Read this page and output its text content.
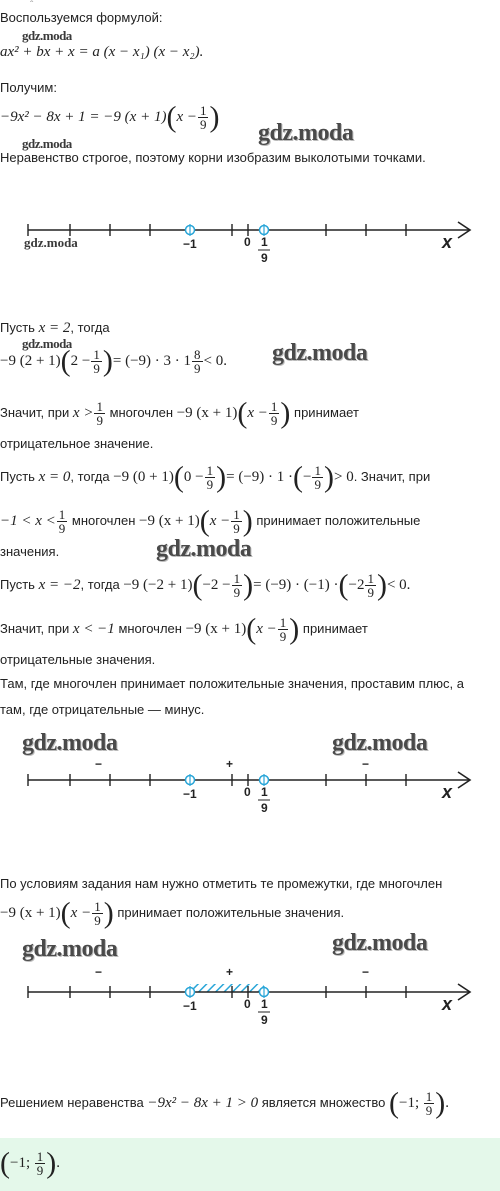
ˆ
Воспользуемся формулой:
gdz.moda
ax² + bx + x = a (x − x₁) (x − x₂).
Получим:
−9x² − 8x + 1 = −9 $(x + 1)(x - \frac{1}{9}$ ) gdz.moda
gdz.moda
Неравенство строгое, поэтому корни изобразим выколотыми точками.
−1	0 1
9
x
gdz.moda
Пусть x = 2, тогда
gdz.moda
−9 $(2 + 1)(2 - \frac{1}{9}$ )= $(-9) \cdot 3 \cdot 1 \frac{8}{9} < 0$. gdz.moda
Значит, при $x > \frac{1}{9}$ многочлен −9 $(x + 1)(x - \frac{1}{9}$ ) принимает
отрицательное значение.
Пусть x = 0, тогда −9 $(0 + 1)(0 - \frac{1}{9}$ )= (−9) · 1 ·(− $\frac{1}{9}$ )> 0. Значит, при
$-1 < x < \frac{1}{9}$ многочлен −9 $(x + 1)(x - \frac{1}{9}$ ) принимает положительные
значения.	gdz.moda
Пусть x = −2, тогда −9 $(-2 + 1)(-2 - \frac{1}{9}$ )= $(-9) \cdot (-1) \cdot(-2 \frac{1}{9}$ )< 0.
Значит, при x < −1 многочлен −9 $(x + 1)(x - \frac{1}{9}$ ) принимает
отрицательные значения.
Там, где многочлен принимает положительные значения, проставим плюс, а
там, где отрицательные — минус.
gdz.moda	gdz.moda
−	+	−
−1	0 1
9
x
По условиям задания нам нужно отметить те промежутки, где многочлен
−9 $(x + 1)(x - \frac{1}{9}$ ) принимает положительные значения.
gdz.moda	gdz.moda
−	+	−
−1	0 1
9
x
Решением неравенства −9x² − 8x + 1 > 0 является множество (−1; $\frac{1}{9}$ ).
(−1; $\frac{1}{9}$ ).
